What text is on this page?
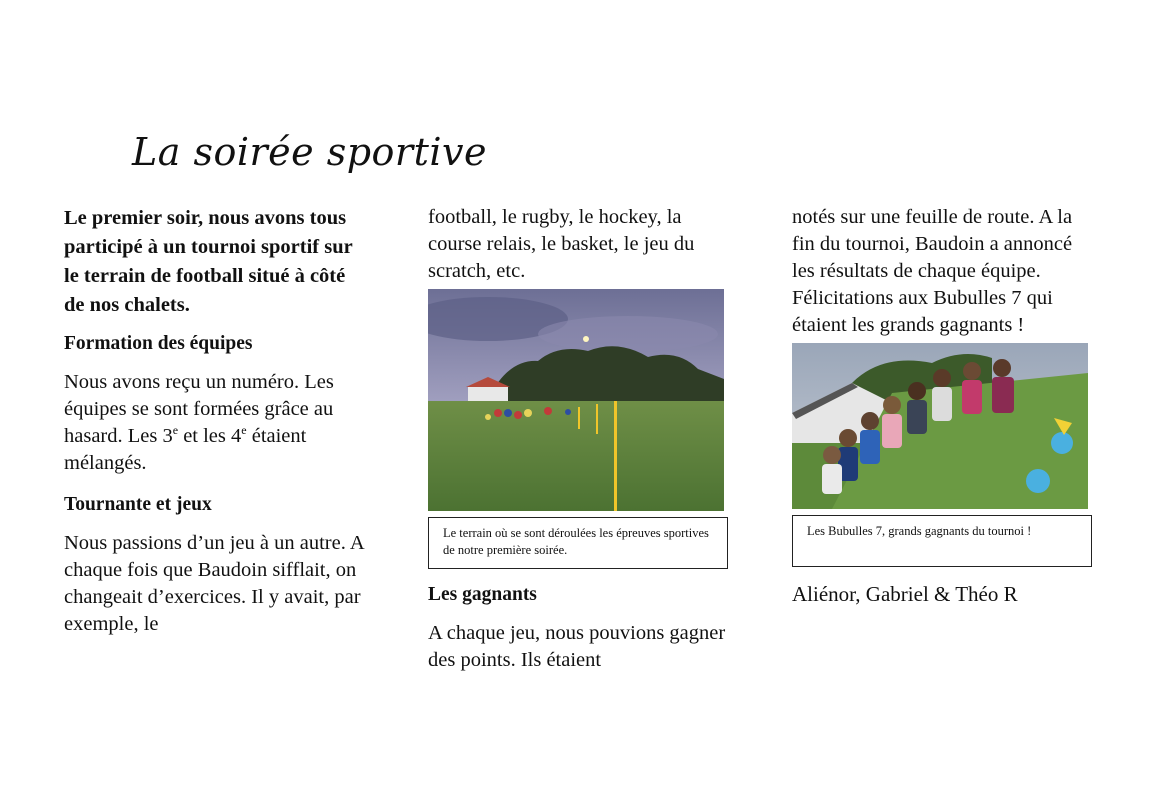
La soirée sportive

Le premier soir, nous avons tous participé à un tournoi sportif sur le terrain de football situé à côté de nos chalets.

Formation des équipes

Nous avons reçu un numéro. Les équipes se sont formées grâce au hasard. Les 3e et les 4e étaient mélangés.

Tournante et jeux

Nous passions d’un jeu à un autre. A chaque fois que Baudoin sifflait, on changeait d’exercices. Il y avait, par exemple, le

football, le rugby, le hockey, la course relais, le basket, le jeu du scratch, etc.

Le terrain où se sont déroulées les épreuves sportives de notre première soirée.
Les gagnants

A chaque jeu, nous pouvions gagner des points. Ils étaient

notés sur une feuille de route. A la fin du tournoi, Baudoin a annoncé les résultats de chaque équipe. Félicitations aux Bubulles 7 qui étaient les grands gagnants !

Les Bubulles 7, grands gagnants du tournoi !
Aliénor, Gabriel & Théo R
